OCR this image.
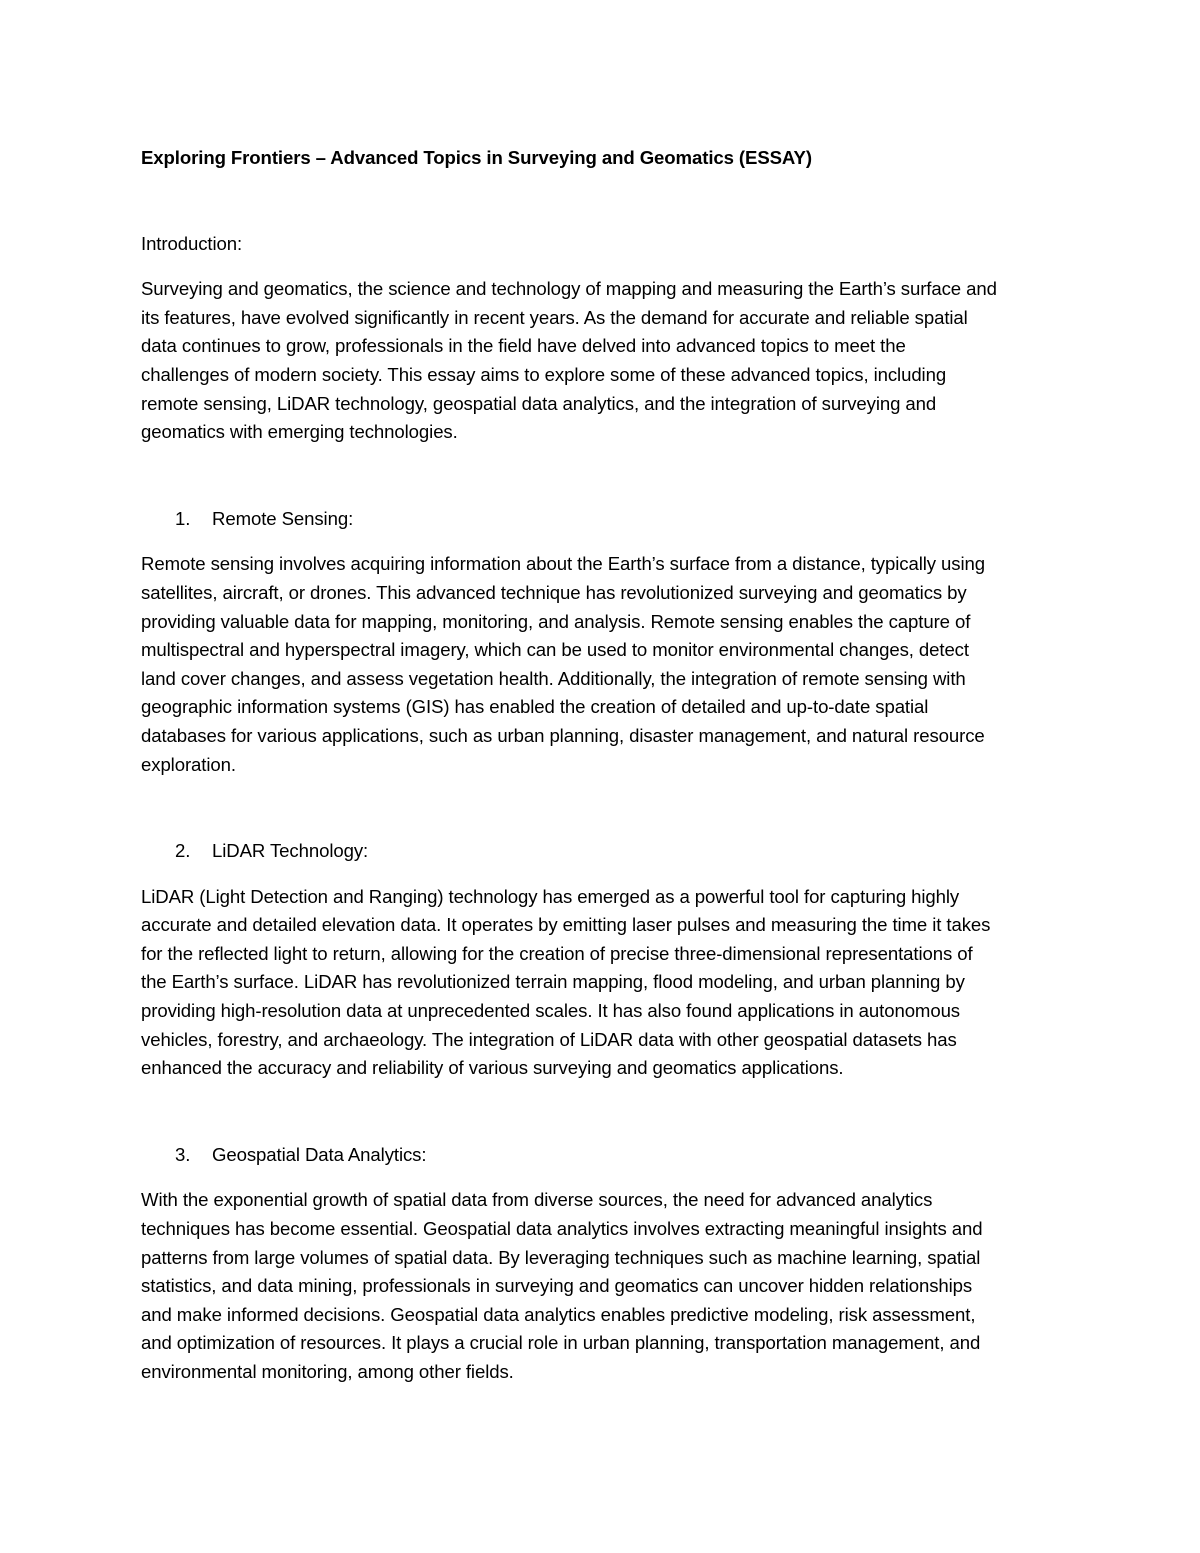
Exploring Frontiers – Advanced Topics in Surveying and Geomatics (ESSAY)
Introduction:

Surveying and geomatics, the science and technology of mapping and measuring the Earth’s surface and
its features, have evolved significantly in recent years. As the demand for accurate and reliable spatial
data continues to grow, professionals in the field have delved into advanced topics to meet the
challenges of modern society. This essay aims to explore some of these advanced topics, including
remote sensing, LiDAR technology, geospatial data analytics, and the integration of surveying and
geomatics with emerging technologies.

1.	Remote Sensing:

Remote sensing involves acquiring information about the Earth’s surface from a distance, typically using
satellites, aircraft, or drones. This advanced technique has revolutionized surveying and geomatics by
providing valuable data for mapping, monitoring, and analysis. Remote sensing enables the capture of
multispectral and hyperspectral imagery, which can be used to monitor environmental changes, detect
land cover changes, and assess vegetation health. Additionally, the integration of remote sensing with
geographic information systems (GIS) has enabled the creation of detailed and up-to-date spatial
databases for various applications, such as urban planning, disaster management, and natural resource
exploration.

2.	LiDAR Technology:

LiDAR (Light Detection and Ranging) technology has emerged as a powerful tool for capturing highly
accurate and detailed elevation data. It operates by emitting laser pulses and measuring the time it takes
for the reflected light to return, allowing for the creation of precise three-dimensional representations of
the Earth’s surface. LiDAR has revolutionized terrain mapping, flood modeling, and urban planning by
providing high-resolution data at unprecedented scales. It has also found applications in autonomous
vehicles, forestry, and archaeology. The integration of LiDAR data with other geospatial datasets has
enhanced the accuracy and reliability of various surveying and geomatics applications.

3.	Geospatial Data Analytics:

With the exponential growth of spatial data from diverse sources, the need for advanced analytics
techniques has become essential. Geospatial data analytics involves extracting meaningful insights and
patterns from large volumes of spatial data. By leveraging techniques such as machine learning, spatial
statistics, and data mining, professionals in surveying and geomatics can uncover hidden relationships
and make informed decisions. Geospatial data analytics enables predictive modeling, risk assessment,
and optimization of resources. It plays a crucial role in urban planning, transportation management, and
environmental monitoring, among other fields.
